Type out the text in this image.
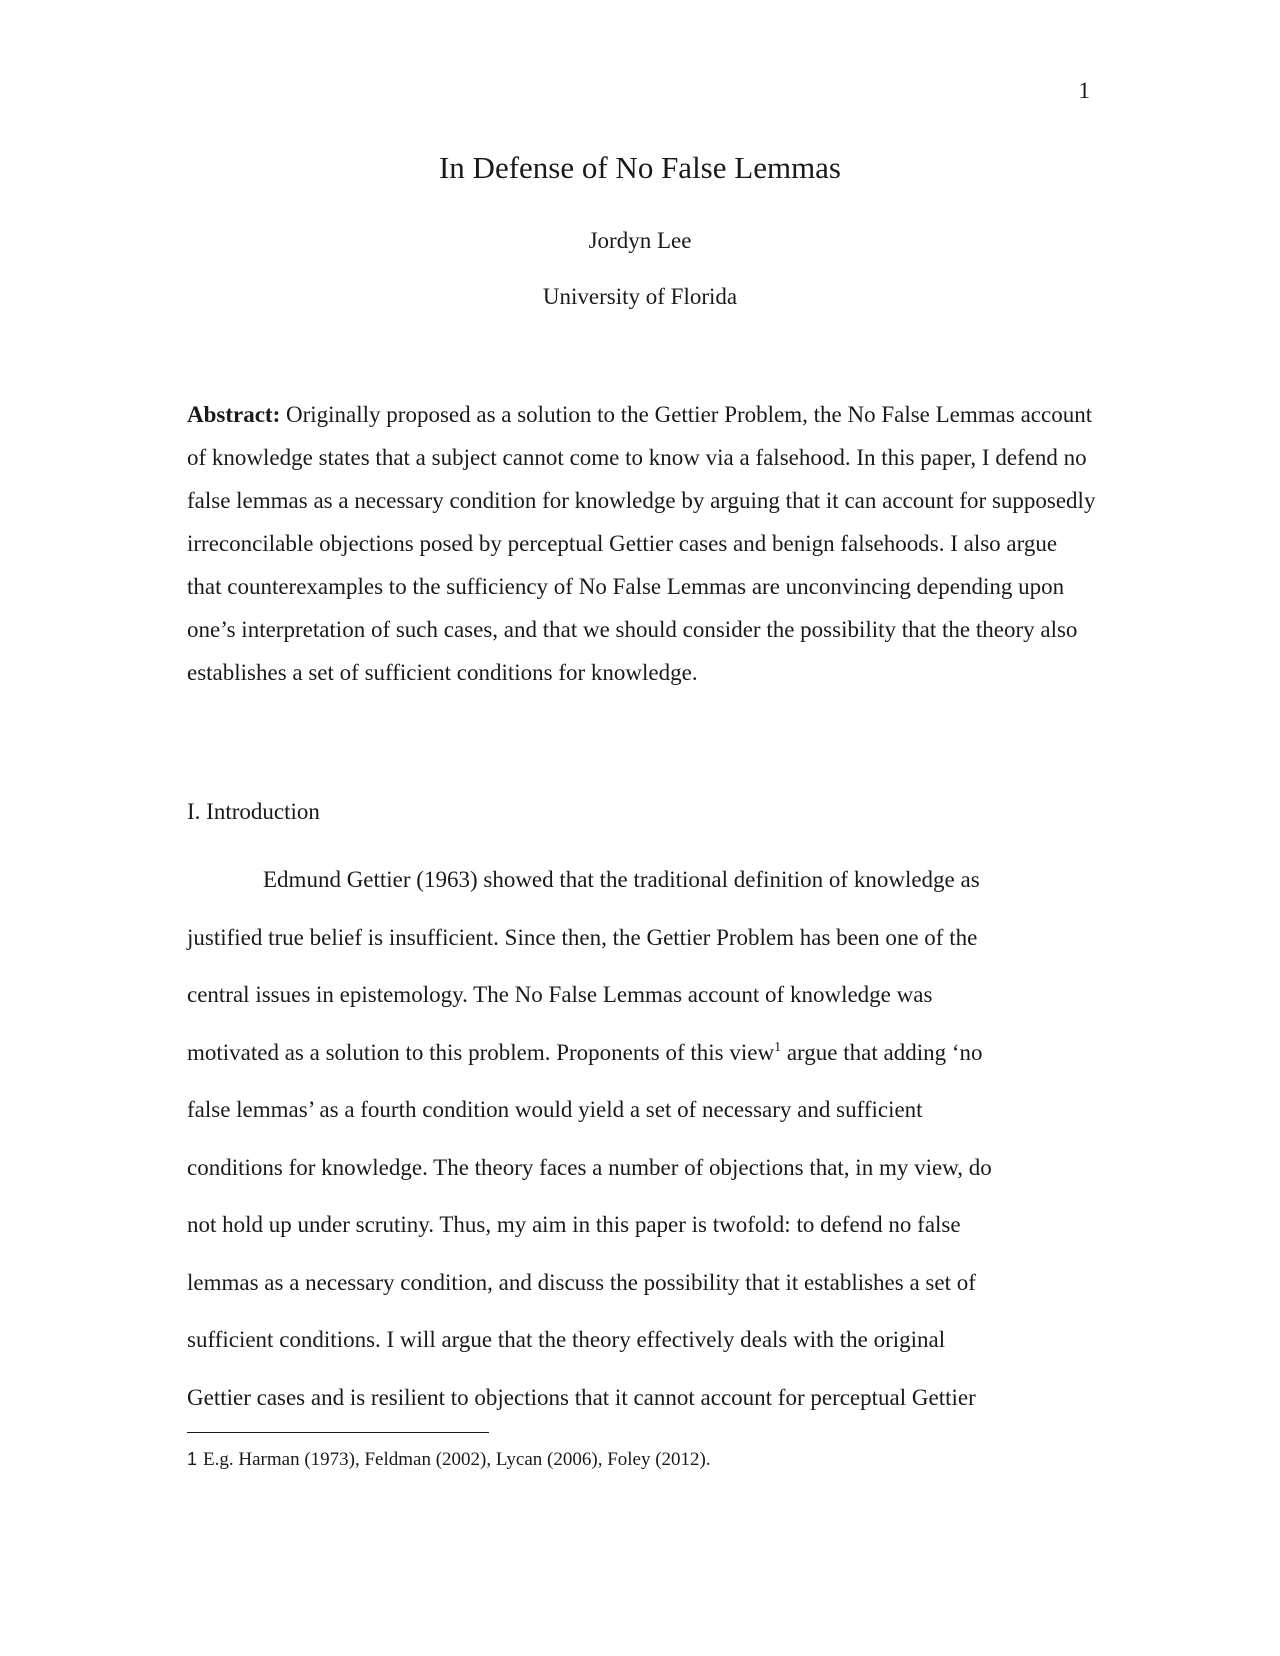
1
In Defense of No False Lemmas
Jordyn Lee
University of Florida
Abstract: Originally proposed as a solution to the Gettier Problem, the No False Lemmas account of knowledge states that a subject cannot come to know via a falsehood. In this paper, I defend no false lemmas as a necessary condition for knowledge by arguing that it can account for supposedly irreconcilable objections posed by perceptual Gettier cases and benign falsehoods. I also argue that counterexamples to the sufficiency of No False Lemmas are unconvincing depending upon one’s interpretation of such cases, and that we should consider the possibility that the theory also establishes a set of sufficient conditions for knowledge.
I. Introduction
Edmund Gettier (1963) showed that the traditional definition of knowledge as
justified true belief is insufficient. Since then, the Gettier Problem has been one of the
central issues in epistemology. The No False Lemmas account of knowledge was
motivated as a solution to this problem. Proponents of this view$^1$ argue that adding ‘no
false lemmas’ as a fourth condition would yield a set of necessary and sufficient
conditions for knowledge. The theory faces a number of objections that, in my view, do
not hold up under scrutiny. Thus, my aim in this paper is twofold: to defend no false
lemmas as a necessary condition, and discuss the possibility that it establishes a set of
sufficient conditions. I will argue that the theory effectively deals with the original
Gettier cases and is resilient to objections that it cannot account for perceptual Gettier
1 E.g. Harman (1973), Feldman (2002), Lycan (2006), Foley (2012).
